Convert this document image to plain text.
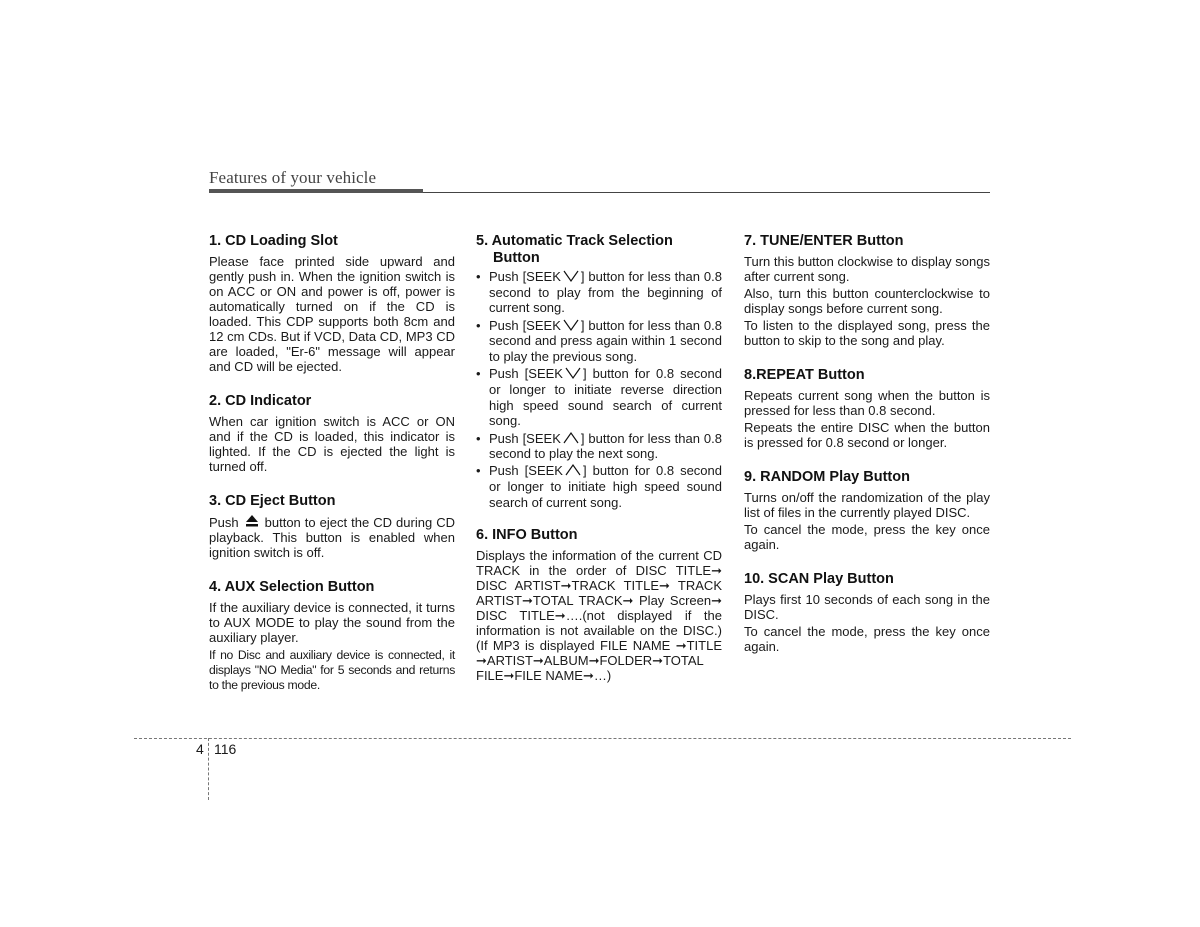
Features of your vehicle
1. CD Loading Slot

Please face printed side upward and gently push in. When the ignition switch is on ACC or ON and power is off, power is automatically turned on if the CD is loaded. This CDP supports both 8cm and 12 cm CDs. But if VCD, Data CD, MP3 CD are loaded, "Er-6" message will appear and CD will be ejected.

2. CD Indicator

When car ignition switch is ACC or ON and if the CD is loaded, this indicator is lighted. If the CD is ejected the light is turned off.

3. CD Eject Button

Push button to eject the CD during CD playback. This button is enabled when ignition switch is off.

4. AUX Selection Button

If the auxiliary device is connected, it turns to AUX MODE to play the sound from the auxiliary player.

If no Disc and auxiliary device is connected, it displays "NO Media" for 5 seconds and returns to the previous mode.

5. Automatic Track Selection
Button
• Push [SEEK ] button for less than 0.8 second to play from the beginning of current song.
• Push [SEEK ] button for less than 0.8 second and press again within 1 second to play the previous song.
• Push [SEEK ] button for 0.8 second or longer to initiate reverse direction high speed sound search of current song.
• Push [SEEK ] button for less than 0.8 second to play the next song.
• Push [SEEK ] button for 0.8 second or longer to initiate high speed sound search of current song.
6. INFO Button

Displays the information of the current CD TRACK in the order of DISC TITLE➞ DISC ARTIST➞TRACK TITLE➞ TRACK ARTIST➞TOTAL TRACK➞ Play Screen➞ DISC TITLE➞….(not displayed if the information is not available on the DISC.) (If MP3 is displayed FILE NAME ➞TITLE ➞ARTIST➞ALBUM➞FOLDER➞TOTAL FILE➞FILE NAME➞…)

7. TUNE/ENTER Button

Turn this button clockwise to display songs after current song.

Also, turn this button counterclockwise to display songs before current song.

To listen to the displayed song, press the button to skip to the song and play.

8.REPEAT Button

Repeats current song when the button is pressed for less than 0.8 second.

Repeats the entire DISC when the button is pressed for 0.8 second or longer.

9. RANDOM Play Button

Turns on/off the randomization of the play list of files in the currently played DISC.

To cancel the mode, press the key once again.

10. SCAN Play Button

Plays first 10 seconds of each song in the DISC.

To cancel the mode, press the key once again.

4 116
